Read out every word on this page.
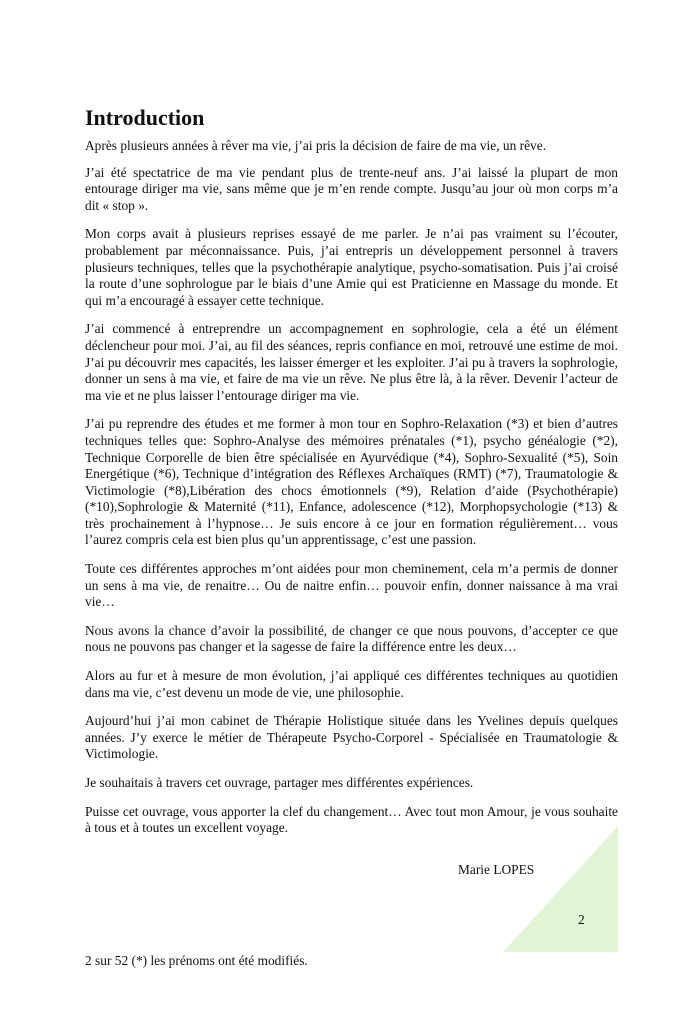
Introduction

Après plusieurs années à rêver ma vie, j’ai pris la décision de faire de ma vie, un rêve.

J’ai été spectatrice de ma vie pendant plus de trente-neuf ans. J’ai laissé la plupart de mon entourage diriger ma vie, sans même que je m’en rende compte. Jusqu’au jour où mon corps m’a dit « stop ».

Mon corps avait à plusieurs reprises essayé de me parler. Je n’ai pas vraiment su l’écouter, probablement par méconnaissance. Puis, j’ai entrepris un développement personnel à travers plusieurs techniques, telles que la psychothérapie analytique, psycho-somatisation. Puis j’ai croisé la route d’une sophrologue par le biais d’une Amie qui est Praticienne en Massage du monde. Et qui m’a encouragé à essayer cette technique.

J’ai commencé à entreprendre un accompagnement en sophrologie, cela a été un élément déclencheur pour moi. J’ai, au fil des séances, repris confiance en moi, retrouvé une estime de moi. J’ai pu découvrir mes capacités, les laisser émerger et les exploiter. J’ai pu à travers la sophrologie, donner un sens à ma vie, et faire de ma vie un rêve. Ne plus être là, à la rêver. Devenir l’acteur de ma vie et ne plus laisser l’entourage diriger ma vie.

J’ai pu reprendre des études et me former à mon tour en Sophro-Relaxation (*3) et bien d’autres techniques telles que: Sophro-Analyse des mémoires prénatales (*1), psycho généalogie (*2), Technique Corporelle de bien être spécialisée en Ayurvédique (*4), Sophro-Sexualité (*5), Soin Energétique (*6), Technique d’intégration des Réflexes Archaïques (RMT) (*7), Traumatologie & Victimologie (*8),Libération des chocs émotionnels (*9), Relation d’aide (Psychothérapie) (*10),Sophrologie & Maternité (*11), Enfance, adolescence (*12), Morphopsychologie (*13) & très prochainement à l’hypnose… Je suis encore à ce jour en formation régulièrement… vous l’aurez compris cela est bien plus qu’un apprentissage, c’est une passion.

Toute ces différentes approches m’ont aidées pour mon cheminement, cela m’a permis de donner un sens à ma vie, de renaitre… Ou de naitre enfin… pouvoir enfin, donner naissance à ma vrai vie…

Nous avons la chance d’avoir la possibilité, de changer ce que nous pouvons, d’accepter ce que nous ne pouvons pas changer et la sagesse de faire la différence entre les deux…

Alors au fur et à mesure de mon évolution, j’ai appliqué ces différentes techniques au quotidien dans ma vie, c’est devenu un mode de vie, une philosophie.

Aujourd’hui j’ai mon cabinet de Thérapie Holistique située dans les Yvelines depuis quelques années. J’y exerce le métier de Thérapeute Psycho-Corporel - Spécialisée en Traumatologie & Victimologie.

Je souhaitais à travers cet ouvrage, partager mes différentes expériences.

Puisse cet ouvrage, vous apporter la clef du changement… Avec tout mon Amour, je vous souhaite à tous et à toutes un excellent voyage.

Marie LOPES
2
2 sur 52 (*) les prénoms ont été modifiés.
